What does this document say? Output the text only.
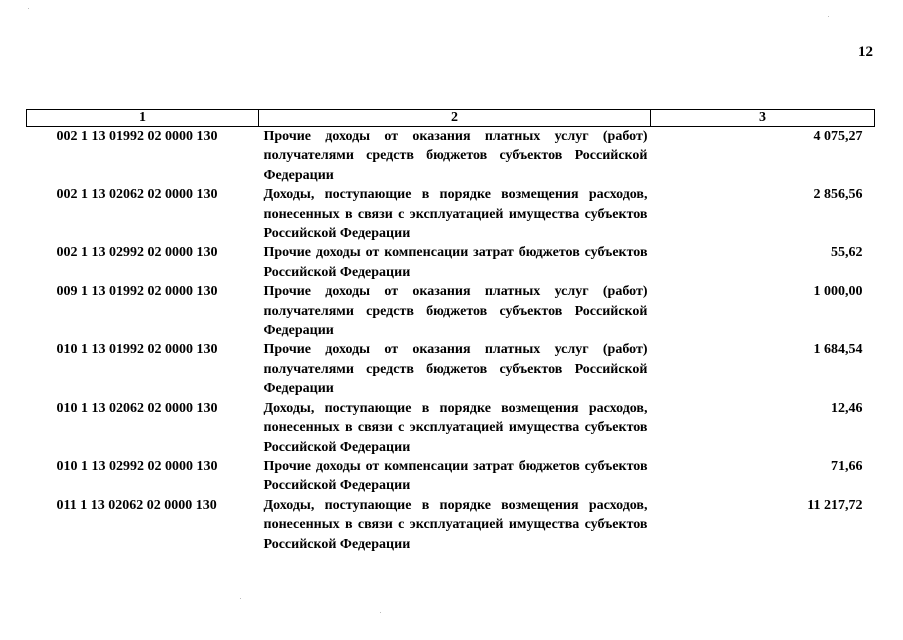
12
1	2	3
002 1 13 01992 02 0000 130	Прочие доходы от оказания платных услуг (работ) получателями средств бюджетов субъектов Российской Федерации	4 075,27
002 1 13 02062 02 0000 130	Доходы, поступающие в порядке возмещения расходов, понесенных в связи с эксплуатацией имущества субъектов Российской Федерации	2 856,56
002 1 13 02992 02 0000 130	Прочие доходы от компенсации затрат бюджетов субъектов Российской Федерации	55,62
009 1 13 01992 02 0000 130	Прочие доходы от оказания платных услуг (работ) получателями средств бюджетов субъектов Российской Федерации	1 000,00
010 1 13 01992 02 0000 130	Прочие доходы от оказания платных услуг (работ) получателями средств бюджетов субъектов Российской Федерации	1 684,54
010 1 13 02062 02 0000 130	Доходы, поступающие в порядке возмещения расходов, понесенных в связи с эксплуатацией имущества субъектов Российской Федерации	12,46
010 1 13 02992 02 0000 130	Прочие доходы от компенсации затрат бюджетов субъектов Российской Федерации	71,66
011 1 13 02062 02 0000 130	Доходы, поступающие в порядке возмещения расходов, понесенных в связи с эксплуатацией имущества субъектов Российской Федерации	11 217,72
